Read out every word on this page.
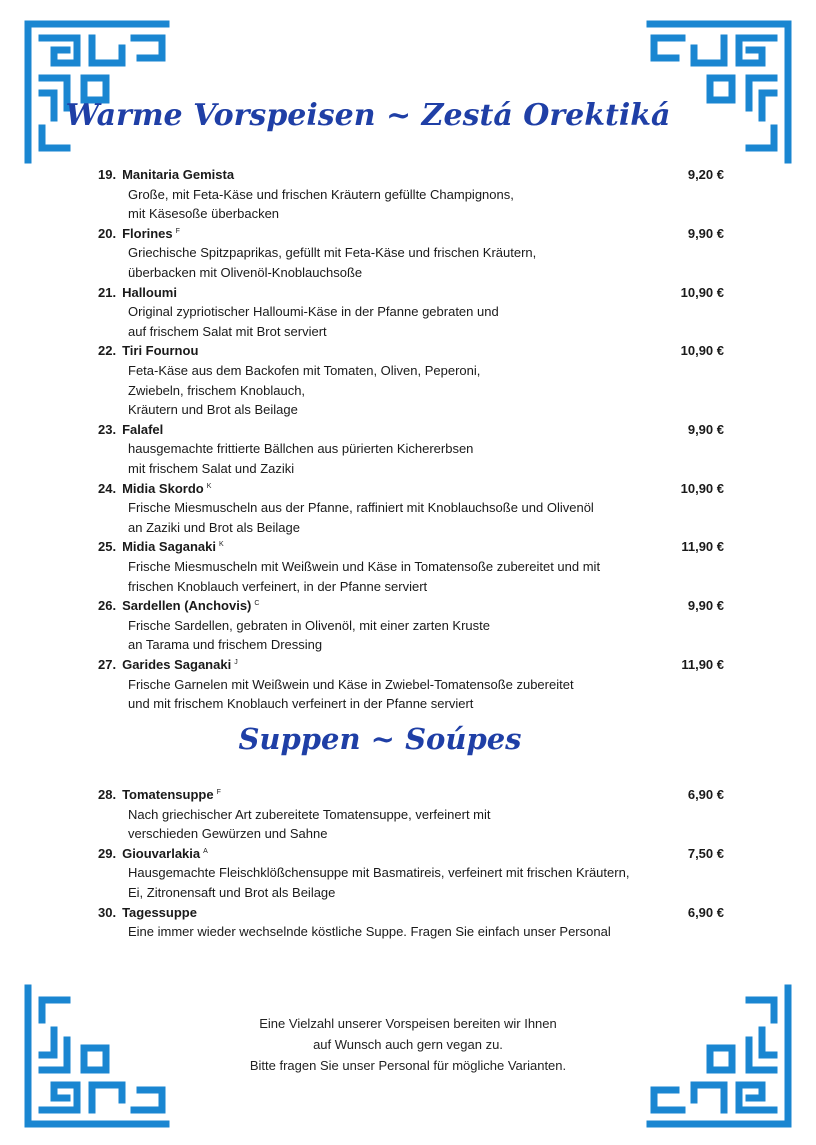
Warme Vorspeisen ~ Zestá Orektiká
19. Manitaria Gemista	9,20 €
Große, mit Feta-Käse und frischen Kräutern gefüllte Champignons,
mit Käsesoße überbacken
20. Florines $^F$	9,90 €
Griechische Spitzpaprikas, gefüllt mit Feta-Käse und frischen Kräutern,
überbacken mit Olivenöl-Knoblauchsoße
21. Halloumi	10,90 €
Original zypriotischer Halloumi-Käse in der Pfanne gebraten und
auf frischem Salat mit Brot serviert
22. Tiri Fournou	10,90 €
Feta-Käse aus dem Backofen mit Tomaten, Oliven, Peperoni,
Zwiebeln, frischem Knoblauch,
Kräutern und Brot als Beilage
23. Falafel	9,90 €
hausgemachte frittierte Bällchen aus pürierten Kichererbsen
mit frischem Salat und Zaziki
24. Midia Skordo $^K$	10,90 €
Frische Miesmuscheln aus der Pfanne, raffiniert mit Knoblauchsoße und Olivenöl
an Zaziki und Brot als Beilage
25. Midia Saganaki $^K$	11,90 €
Frische Miesmuscheln mit Weißwein und Käse in Tomatensoße zubereitet und mit
frischen Knoblauch verfeinert, in der Pfanne serviert
26. Sardellen (Anchovis) $^C$	9,90 €
Frische Sardellen, gebraten in Olivenöl, mit einer zarten Kruste
an Tarama und frischem Dressing
27. Garides Saganaki $^J$	11,90 €
Frische Garnelen mit Weißwein und Käse in Zwiebel-Tomatensoße zubereitet
und mit frischem Knoblauch verfeinert in der Pfanne serviert
Suppen ~ Soúpes
28. Tomatensuppe $^F$	6,90 €
Nach griechischer Art zubereitete Tomatensuppe, verfeinert mit
verschieden Gewürzen und Sahne
29. Giouvarlakia $^A$	7,50 €
Hausgemachte Fleischklößchensuppe mit Basmatireis, verfeinert mit frischen Kräutern,
Ei, Zitronensaft und Brot als Beilage
30. Tagessuppe	6,90 €
Eine immer wieder wechselnde köstliche Suppe. Fragen Sie einfach unser Personal
Eine Vielzahl unserer Vorspeisen bereiten wir Ihnen
auf Wunsch auch gern vegan zu.
Bitte fragen Sie unser Personal für mögliche Varianten.
